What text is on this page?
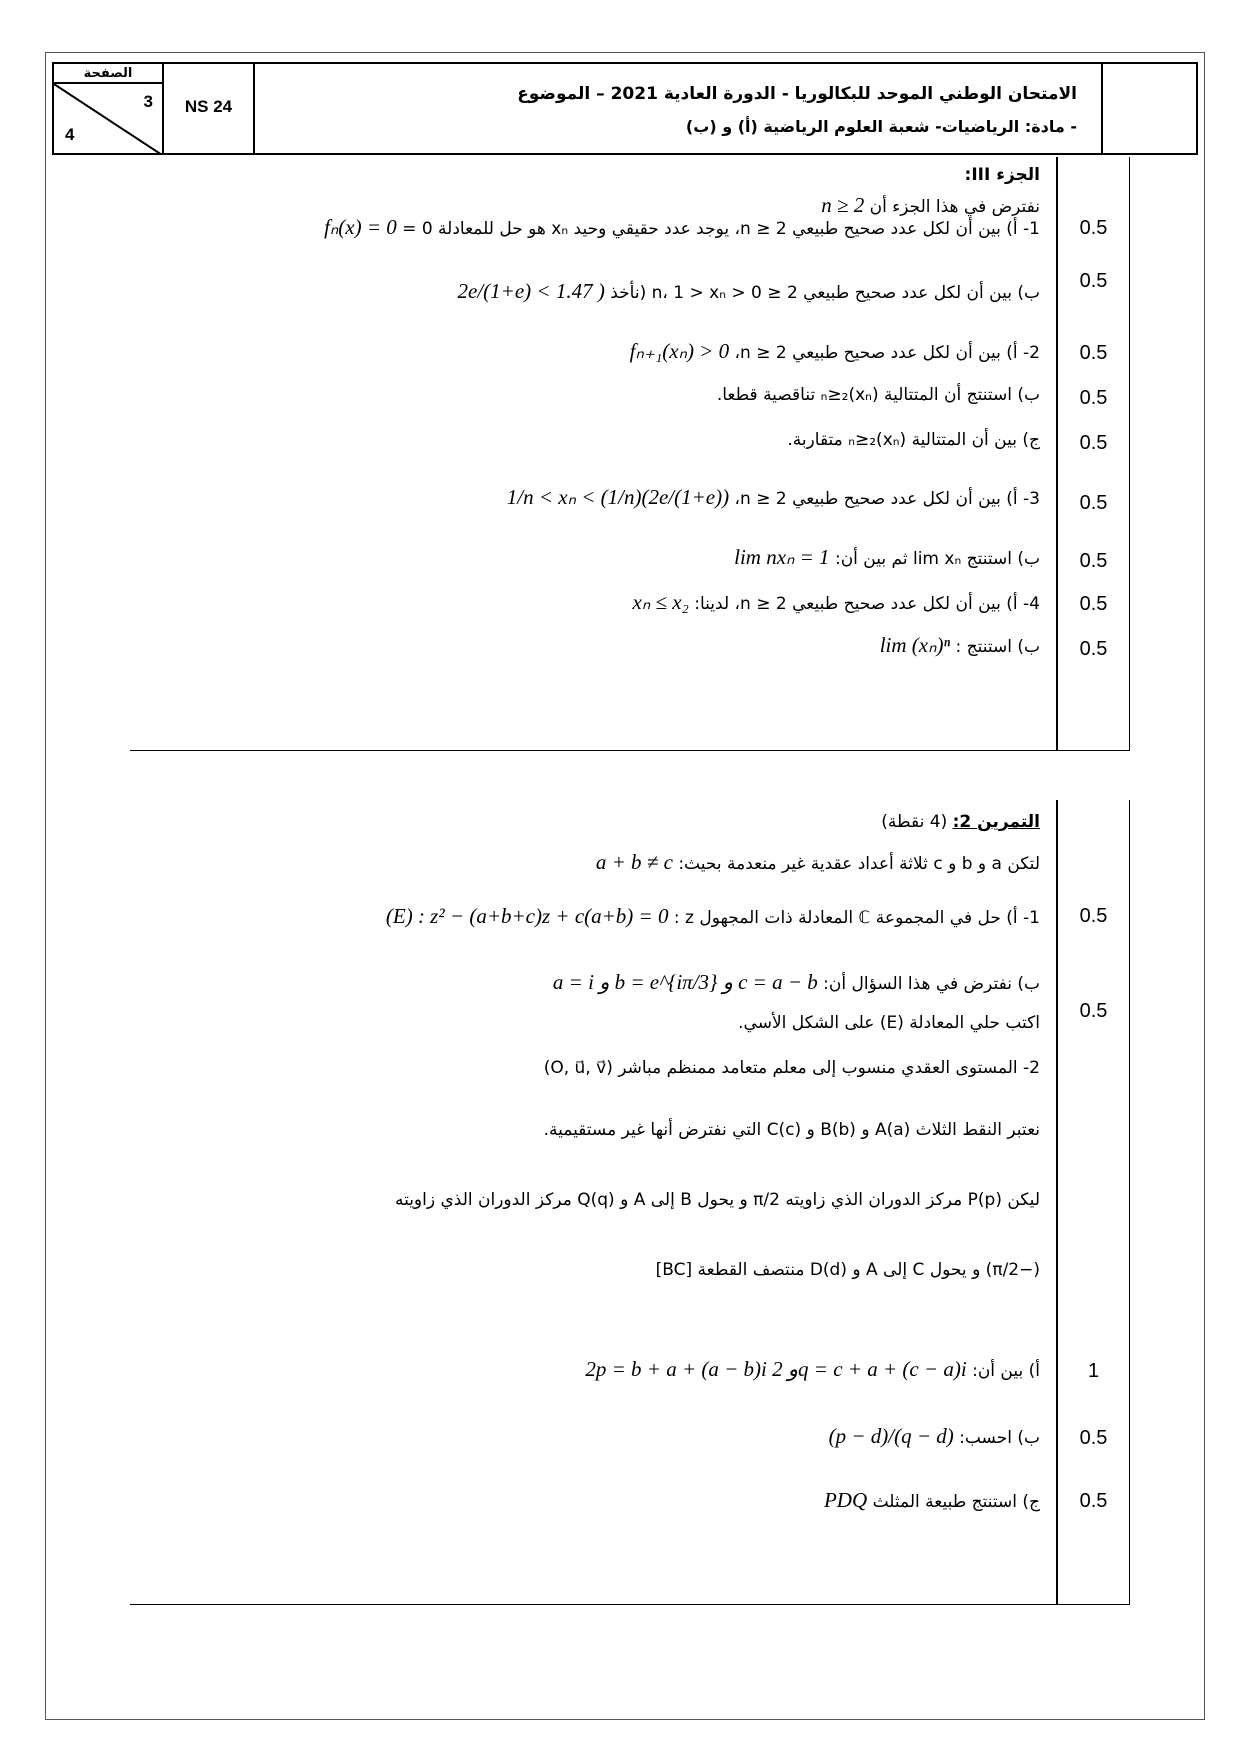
الصفحة
3
4
NS 24
الامتحان الوطني الموحد للبكالوريا - الدورة العادية 2021 – الموضوع
- مادة: الرياضيات- شعبة العلوم الرياضية (أ) و (ب)
الجزء III:
نفترض في هذا الجزء أن n ≥ 2
0.5
1- أ) بين أن لكل عدد صحيح طبيعي 2 ≤ n، يوجد عدد حقيقي وحيد xₙ هو حل للمعادلة 0 = fₙ(x) = 0
0.5
ب) بين أن لكل عدد صحيح طبيعي 2 ≤ n، 1 > xₙ > 0 (نأخذ 2e/(1+e) < 1.47 )
0.5
2- أ) بين أن لكل عدد صحيح طبيعي 2 ≤ n، fₙ₊₁(xₙ) > 0
0.5
ب) استنتج أن المتتالية (xₙ)ₙ≥₂ تناقصية قطعا.
0.5
ج) بين أن المتتالية (xₙ)ₙ≥₂ متقاربة.
0.5
3- أ) بين أن لكل عدد صحيح طبيعي 2 ≤ n، 1/n < xₙ < (1/n)(2e/(1+e))
0.5
ب) استنتج lim xₙ ثم بين أن: lim nxₙ = 1
0.5
4- أ) بين أن لكل عدد صحيح طبيعي 2 ≤ n، لدينا: xₙ ≤ x₂
0.5
ب) استنتج : lim (xₙ)ⁿ
التمرين 2: (4 نقطة)
لتكن a و b و c ثلاثة أعداد عقدية غير منعدمة بحيث: a + b ≠ c
0.5
1- أ) حل في المجموعة ℂ المعادلة ذات المجهول z : (E) : z² − (a+b+c)z + c(a+b) = 0
0.5
ب) نفترض في هذا السؤال أن: a = i و b = e^{iπ/3} و c = a − b
اكتب حلي المعادلة (E) على الشكل الأسي.
2- المستوى العقدي منسوب إلى معلم متعامد ممنظم مباشر (O, u⃗, v⃗)
نعتبر النقط الثلاث A(a) و B(b) و C(c) التي نفترض أنها غير مستقيمية.
ليكن P(p) مركز الدوران الذي زاويته π/2 و يحول B إلى A و Q(q) مركز الدوران الذي زاويته
(−π/2) و يحول C إلى A و D(d) منتصف القطعة [BC]
1
أ) بين أن: 2p = b + a + (a − b)i و 2q = c + a + (c − a)i
0.5
ب) احسب: (p − d)/(q − d)
0.5
ج) استنتج طبيعة المثلث PDQ
